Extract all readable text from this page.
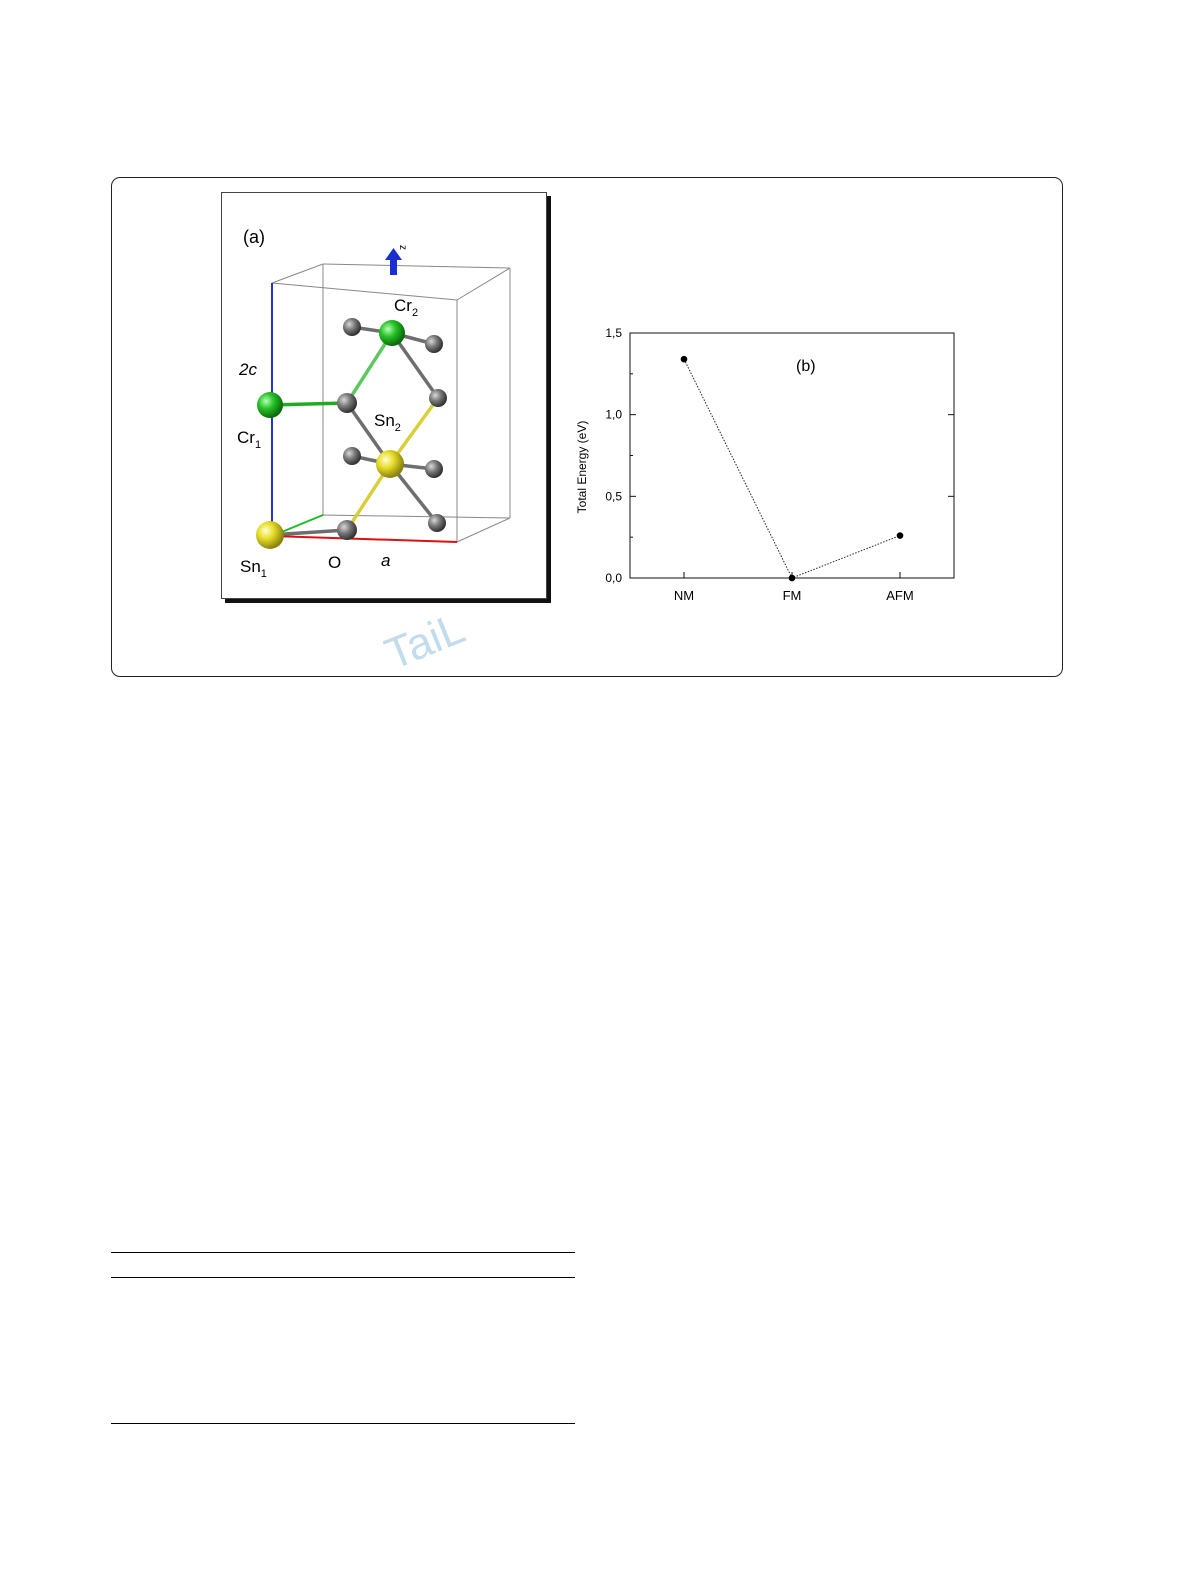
z
(a)
$Cr_2$
$Sn_2$
$Cr_1$
$Sn_1$
2c
O a
(b)
Total Energy (eV)
0,0
0,5
1,0
1,5
NM	FM	AFM
TaiL
